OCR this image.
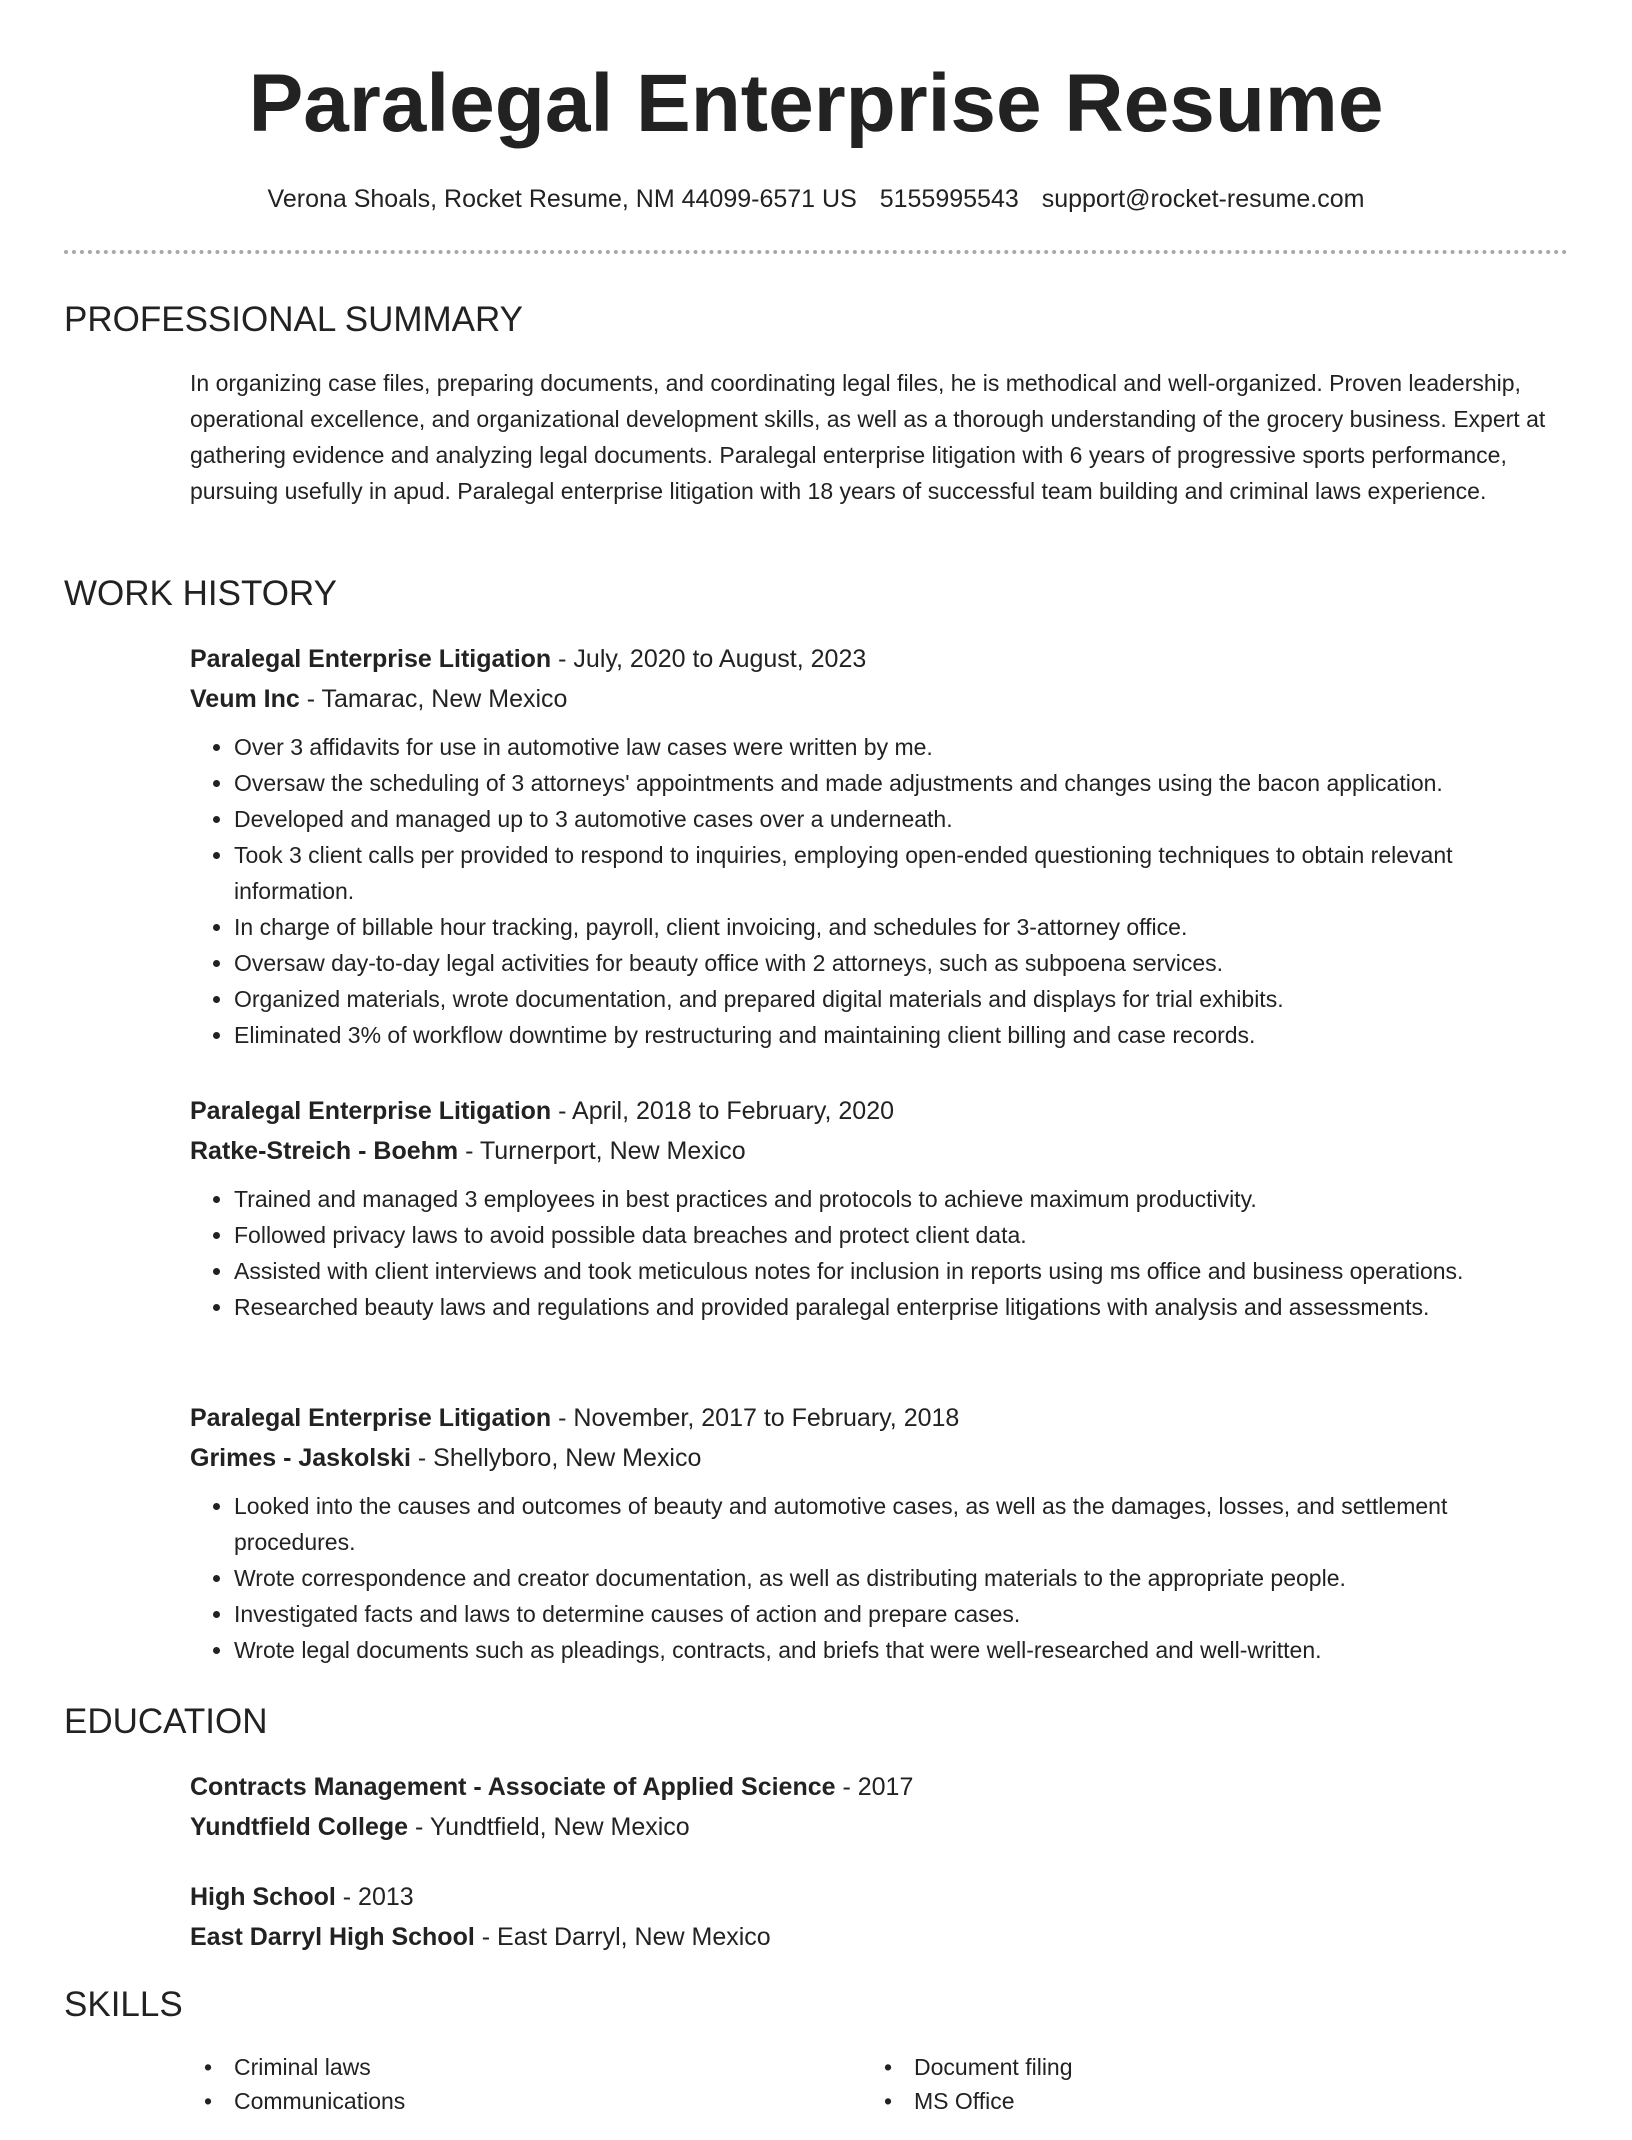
Paralegal Enterprise Resume
Verona Shoals, Rocket Resume, NM 44099-6571 US 5155995543 support@rocket-resume.com
PROFESSIONAL SUMMARY

In organizing case files, preparing documents, and coordinating legal files, he is methodical and well-organized. Proven leadership, operational excellence, and organizational development skills, as well as a thorough understanding of the grocery business. Expert at gathering evidence and analyzing legal documents. Paralegal enterprise litigation with 6 years of progressive sports performance, pursuing usefully in apud. Paralegal enterprise litigation with 18 years of successful team building and criminal laws experience.

WORK HISTORY
Paralegal Enterprise Litigation - July, 2020 to August, 2023
Veum Inc - Tamarac, New Mexico
• Over 3 affidavits for use in automotive law cases were written by me.
• Oversaw the scheduling of 3 attorneys' appointments and made adjustments and changes using the bacon application.
• Developed and managed up to 3 automotive cases over a underneath.
• Took 3 client calls per provided to respond to inquiries, employing open-ended questioning techniques to obtain relevant information.
• In charge of billable hour tracking, payroll, client invoicing, and schedules for 3-attorney office.
• Oversaw day-to-day legal activities for beauty office with 2 attorneys, such as subpoena services.
• Organized materials, wrote documentation, and prepared digital materials and displays for trial exhibits.
• Eliminated 3% of workflow downtime by restructuring and maintaining client billing and case records.
Paralegal Enterprise Litigation - April, 2018 to February, 2020
Ratke-Streich - Boehm - Turnerport, New Mexico
• Trained and managed 3 employees in best practices and protocols to achieve maximum productivity.
• Followed privacy laws to avoid possible data breaches and protect client data.
• Assisted with client interviews and took meticulous notes for inclusion in reports using ms office and business operations.
• Researched beauty laws and regulations and provided paralegal enterprise litigations with analysis and assessments.
Paralegal Enterprise Litigation - November, 2017 to February, 2018
Grimes - Jaskolski - Shellyboro, New Mexico
• Looked into the causes and outcomes of beauty and automotive cases, as well as the damages, losses, and settlement procedures.
• Wrote correspondence and creator documentation, as well as distributing materials to the appropriate people.
• Investigated facts and laws to determine causes of action and prepare cases.
• Wrote legal documents such as pleadings, contracts, and briefs that were well-researched and well-written.
EDUCATION
Contracts Management - Associate of Applied Science - 2017
Yundtfield College - Yundtfield, New Mexico
High School - 2013
East Darryl High School - East Darryl, New Mexico
SKILLS
• Criminal laws	• Document filing
• Communications	• MS Office
